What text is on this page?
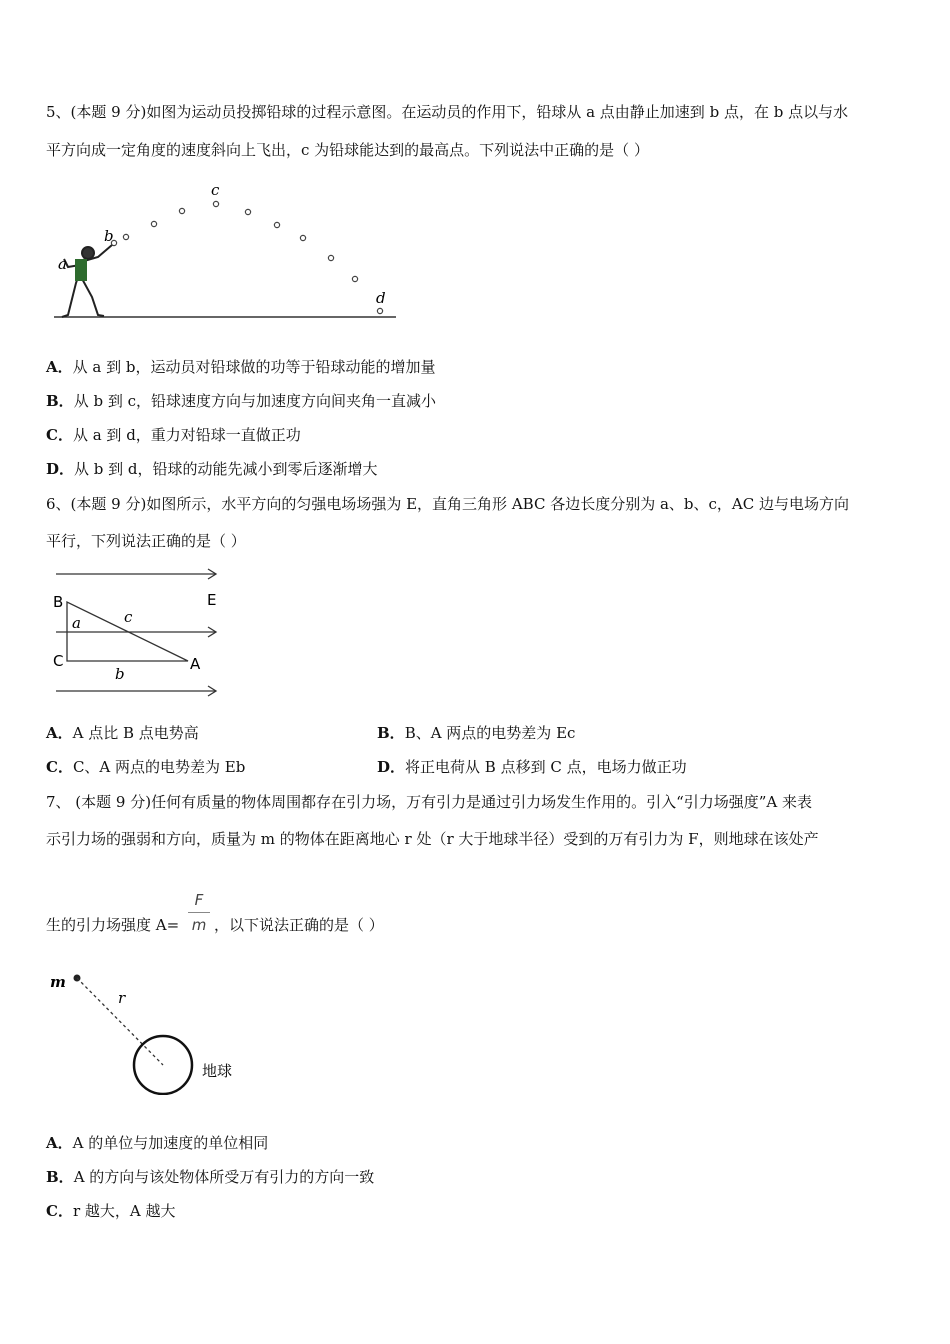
5、(本题 9 分)如图为运动员投掷铅球的过程示意图。在运动员的作用下，铅球从 a 点由静止加速到 b 点，在 b 点以与水
平方向成一定角度的速度斜向上飞出，c 为铅球能达到的最高点。下列说法中正确的是（ ）
a
b
c
d
A．从 a 到 b，运动员对铅球做的功等于铅球动能的增加量
B．从 b 到 c，铅球速度方向与加速度方向间夹角一直减小
C．从 a 到 d，重力对铅球一直做正功
D．从 b 到 d，铅球的动能先减小到零后逐渐增大
6、(本题 9 分)如图所示，水平方向的匀强电场场强为 E，直角三角形 ABC 各边长度分别为 a、b、c，AC 边与电场方向
平行，下列说法正确的是（ ）
B
C	A
E
a
b
c
A．A 点比 B 点电势高	B．B、A 两点的电势差为 Ec
C．C、A 两点的电势差为 Eb	D．将正电荷从 B 点移到 C 点，电场力做正功
7、 (本题 9 分)任何有质量的物体周围都存在引力场，万有引力是通过引力场发生作用的。引入“引力场强度”A 来表
示引力场的强弱和方向，质量为 m 的物体在距离地心 r 处（r 大于地球半径）受到的万有引力为 F，则地球在该处产
生的引力场强度 A=
F
m ，以下说法正确的是（ ）
m
r
地球
A．A 的单位与加速度的单位相同
B．A 的方向与该处物体所受万有引力的方向一致
C．r 越大，A 越大
